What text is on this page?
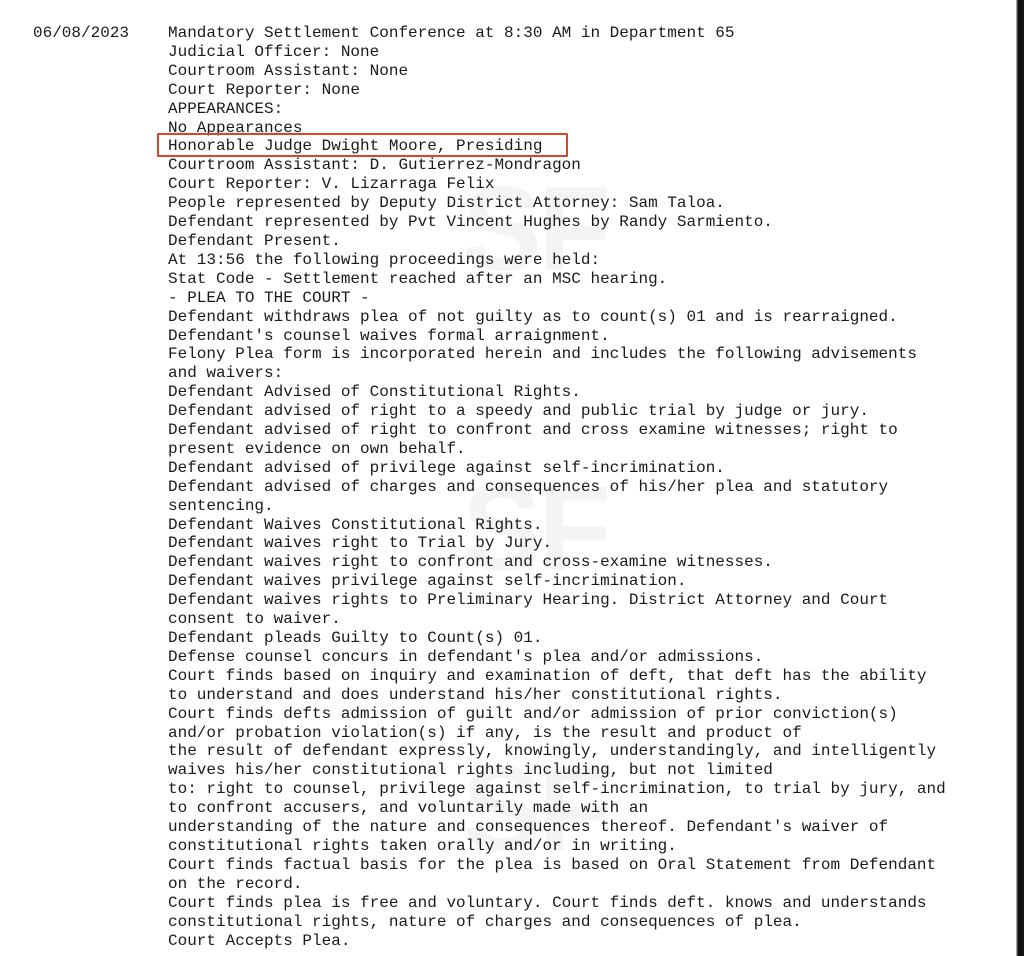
06/08/2023 Mandatory Settlement Conference at 8:30 AM in Department 65
Judicial Officer: None
Courtroom Assistant: None
Court Reporter: None
APPEARANCES:
No Appearances
Honorable Judge Dwight Moore, Presiding
Courtroom Assistant: D. Gutierrez-Mondragon
Court Reporter: V. Lizarraga Felix
People represented by Deputy District Attorney: Sam Taloa.
Defendant represented by Pvt Vincent Hughes by Randy Sarmiento.
Defendant Present.
At 13:56 the following proceedings were held:
Stat Code - Settlement reached after an MSC hearing.
- PLEA TO THE COURT -
Defendant withdraws plea of not guilty as to count(s) 01 and is rearraigned.
Defendant's counsel waives formal arraignment.
Felony Plea form is incorporated herein and includes the following advisements
and waivers:
Defendant Advised of Constitutional Rights.
Defendant advised of right to a speedy and public trial by judge or jury.
Defendant advised of right to confront and cross examine witnesses; right to
present evidence on own behalf.
Defendant advised of privilege against self-incrimination.
Defendant advised of charges and consequences of his/her plea and statutory
sentencing.
Defendant Waives Constitutional Rights.
Defendant waives right to Trial by Jury.
Defendant waives right to confront and cross-examine witnesses.
Defendant waives privilege against self-incrimination.
Defendant waives rights to Preliminary Hearing. District Attorney and Court
consent to waiver.
Defendant pleads Guilty to Count(s) 01.
Defense counsel concurs in defendant's plea and/or admissions.
Court finds based on inquiry and examination of deft, that deft has the ability
to understand and does understand his/her constitutional rights.
Court finds defts admission of guilt and/or admission of prior conviction(s)
and/or probation violation(s) if any, is the result and product of
the result of defendant expressly, knowingly, understandingly, and intelligently
waives his/her constitutional rights including, but not limited
to: right to counsel, privilege against self-incrimination, to trial by jury, and
to confront accusers, and voluntarily made with an
understanding of the nature and consequences thereof. Defendant's waiver of
constitutional rights taken orally and/or in writing.
Court finds factual basis for the plea is based on Oral Statement from Defendant
on the record.
Court finds plea is free and voluntary. Court finds deft. knows and understands
constitutional rights, nature of charges and consequences of plea.
Court Accepts Plea.
